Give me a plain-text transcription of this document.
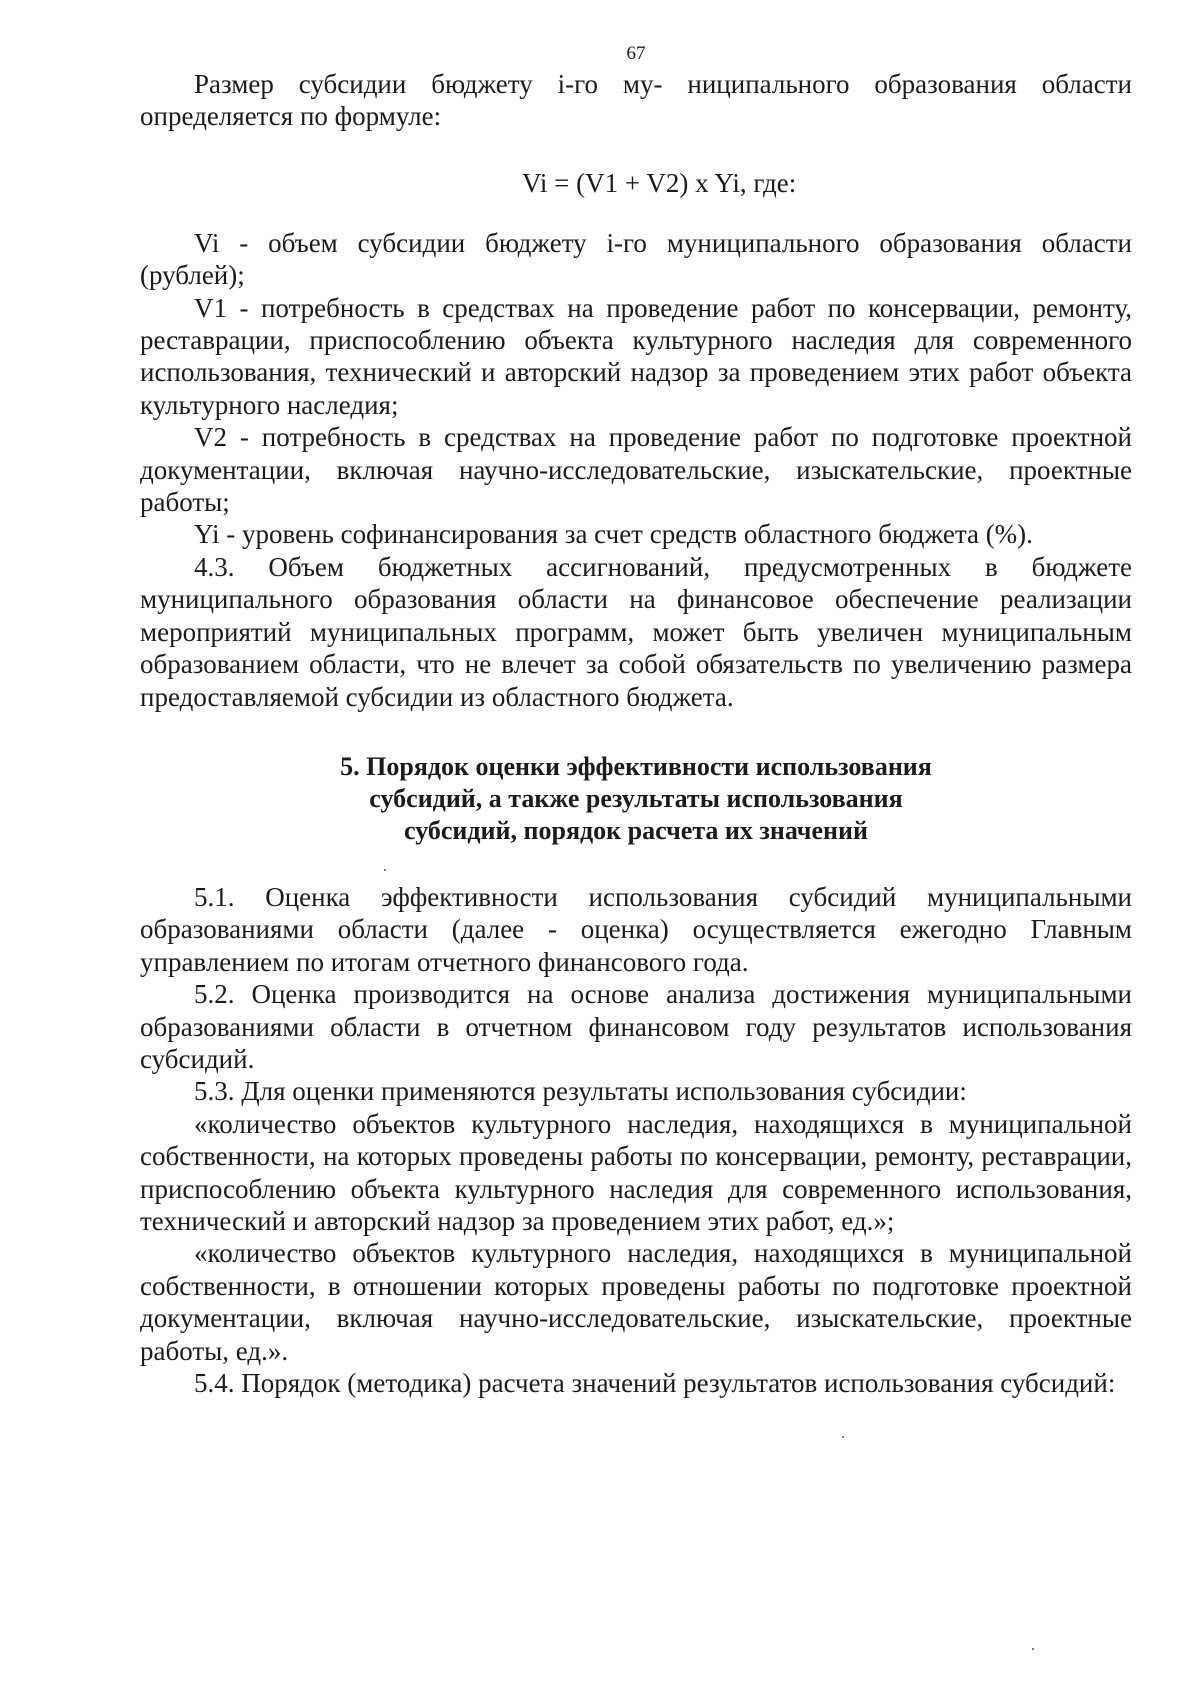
67

Размер субсидии бюджету i-го му- ниципального образования области определяется по формуле:

Vi = (V1 + V2) x Yi, где:

Vi - объем субсидии бюджету i-го муниципального образования области (рублей);

V1 - потребность в средствах на проведение работ по консервации, ремонту, реставрации, приспособлению объекта культурного наследия для современного использования, технический и авторский надзор за проведением этих работ объекта культурного наследия;

V2 - потребность в средствах на проведение работ по подготовке проектной документации, включая научно-исследовательские, изыскательские, проектные работы;

Yi - уровень софинансирования за счет средств областного бюджета (%).

4.3. Объем бюджетных ассигнований, предусмотренных в бюджете муниципального образования области на финансовое обеспечение реализации мероприятий муниципальных программ, может быть увеличен муниципальным образованием области, что не влечет за собой обязательств по увеличению размера предоставляемой субсидии из областного бюджета.

5. Порядок оценки эффективности использования
субсидий, а также результаты использования
субсидий, порядок расчета их значений

5.1. Оценка эффективности использования субсидий муниципальными образованиями области (далее - оценка) осуществляется ежегодно Главным управлением по итогам отчетного финансового года.

5.2. Оценка производится на основе анализа достижения муниципальными образованиями области в отчетном финансовом году результатов использования субсидий.

5.3. Для оценки применяются результаты использования субсидии:

«количество объектов культурного наследия, находящихся в муниципальной собственности, на которых проведены работы по консервации, ремонту, реставрации, приспособлению объекта культурного наследия для современного использования, технический и авторский надзор за проведением этих работ, ед.»;

«количество объектов культурного наследия, находящихся в муниципальной собственности, в отношении которых проведены работы по подготовке проектной документации, включая научно-исследовательские, изыскательские, проектные работы, ед.».

5.4. Порядок (методика) расчета значений результатов использования субсидий:
